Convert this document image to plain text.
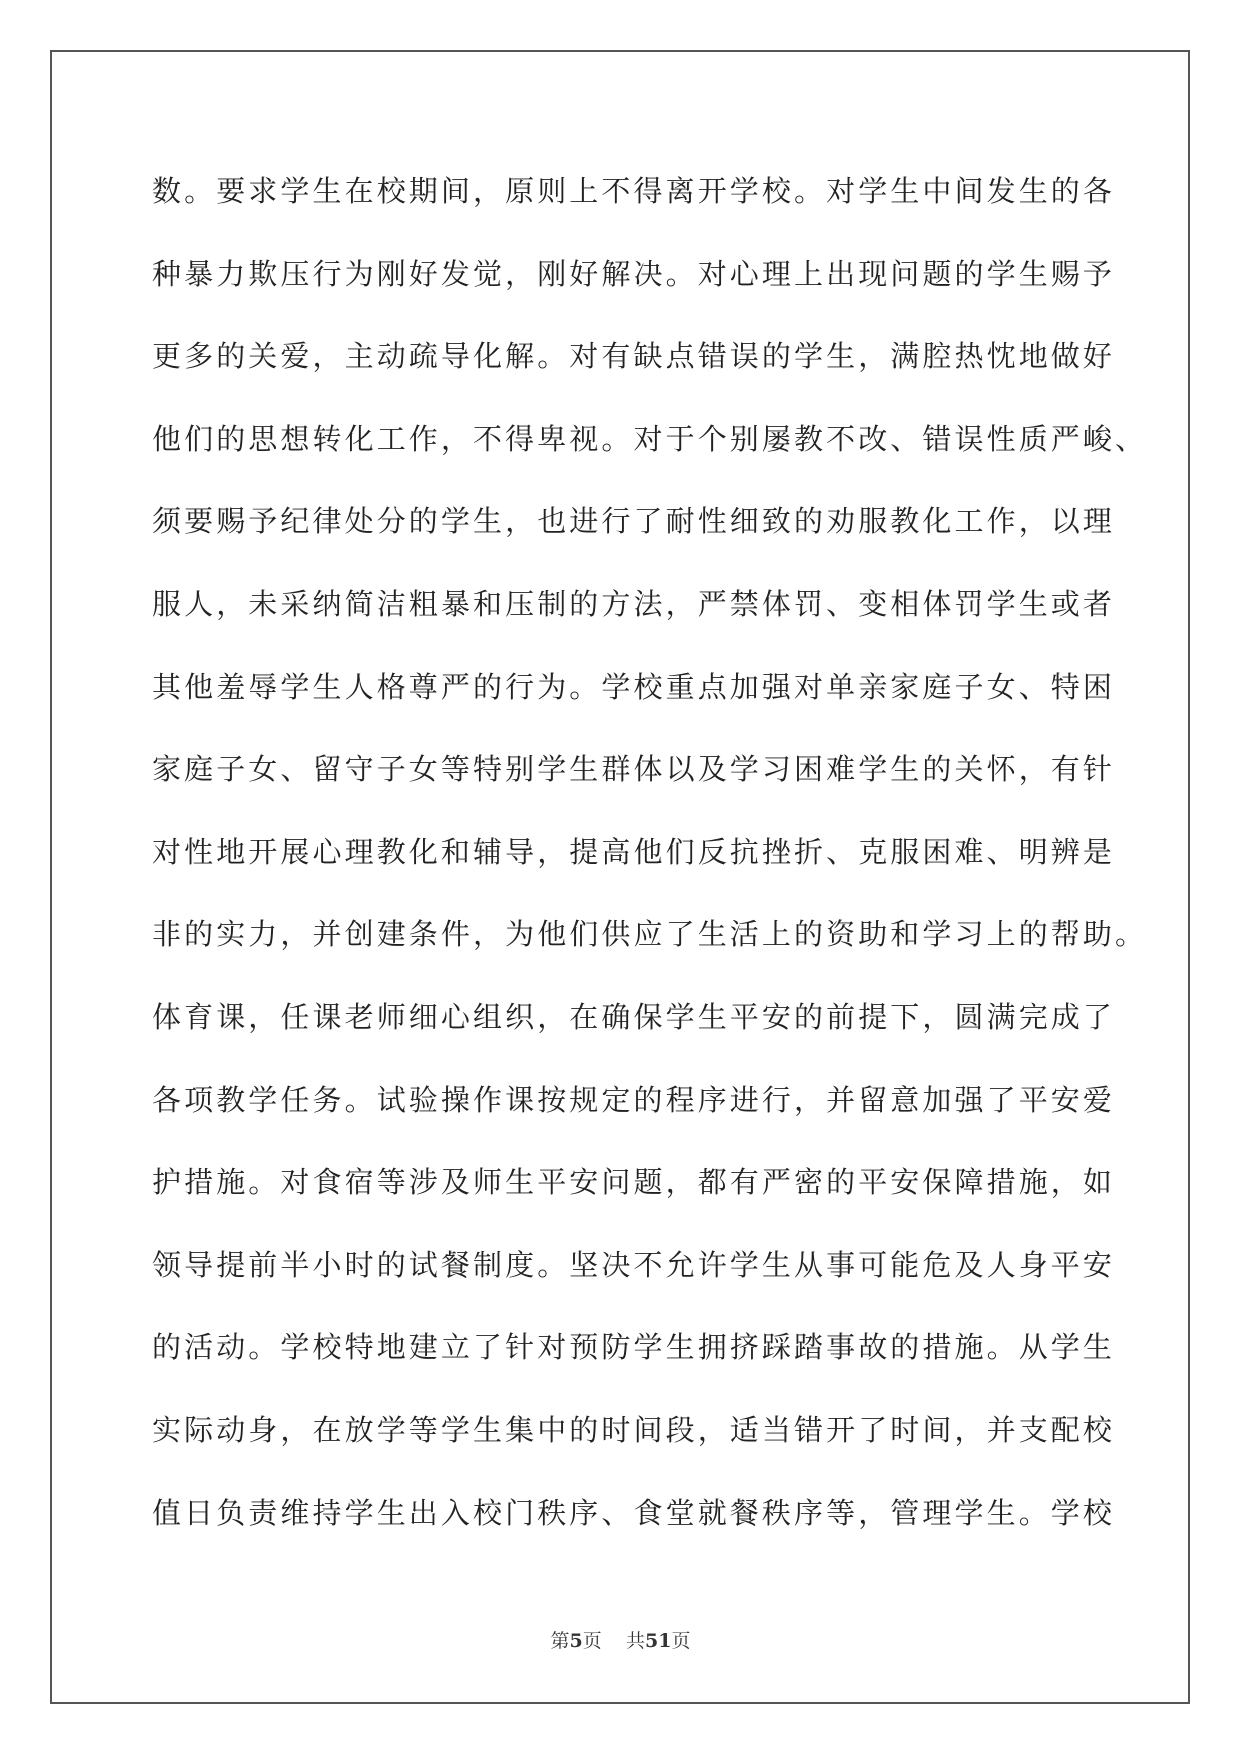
数。要求学生在校期间，原则上不得离开学校。对学生中间发生的各
种暴力欺压行为刚好发觉，刚好解决。对心理上出现问题的学生赐予
更多的关爱，主动疏导化解。对有缺点错误的学生，满腔热忱地做好
他们的思想转化工作，不得卑视。对于个别屡教不改、错误性质严峻、
须要赐予纪律处分的学生，也进行了耐性细致的劝服教化工作，以理
服人，未采纳简洁粗暴和压制的方法，严禁体罚、变相体罚学生或者
其他羞辱学生人格尊严的行为。学校重点加强对单亲家庭子女、特困
家庭子女、留守子女等特别学生群体以及学习困难学生的关怀，有针
对性地开展心理教化和辅导，提高他们反抗挫折、克服困难、明辨是
非的实力，并创建条件，为他们供应了生活上的资助和学习上的帮助。
体育课，任课老师细心组织，在确保学生平安的前提下，圆满完成了
各项教学任务。试验操作课按规定的程序进行，并留意加强了平安爱
护措施。对食宿等涉及师生平安问题，都有严密的平安保障措施，如
领导提前半小时的试餐制度。坚决不允许学生从事可能危及人身平安
的活动。学校特地建立了针对预防学生拥挤踩踏事故的措施。从学生
实际动身，在放学等学生集中的时间段，适当错开了时间，并支配校
值日负责维持学生出入校门秩序、食堂就餐秩序等，管理学生。学校
第5页 共51页
